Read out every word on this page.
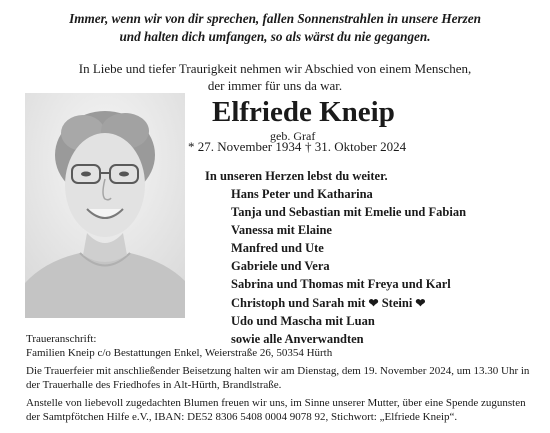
Immer, wenn wir von dir sprechen, fallen Sonnenstrahlen in unsere Herzen
und halten dich umfangen, so als wärst du nie gegangen.
In Liebe und tiefer Traurigkeit nehmen wir Abschied von einem Menschen,
der immer für uns da war.
Elfriede Kneip
geb. Graf
* 27. November 1934 † 31. Oktober 2024
In unseren Herzen lebst du weiter.
Hans Peter und Katharina
Tanja und Sebastian mit Emelie und Fabian
Vanessa mit Elaine
Manfred und Ute
Gabriele und Vera
Sabrina und Thomas mit Freya und Karl
Christoph und Sarah mit ❤ Steini ❤
Udo und Mascha mit Luan
sowie alle Anverwandten
Traueranschrift:
Familien Kneip c/o Bestattungen Enkel, Weierstraße 26, 50354 Hürth
Die Trauerfeier mit anschließender Beisetzung halten wir am Dienstag, dem 19. November 2024, um 13.30 Uhr in
der Trauerhalle des Friedhofes in Alt-Hürth, Brandlstraße.
Anstelle von liebevoll zugedachten Blumen freuen wir uns, im Sinne unserer Mutter, über eine Spende zugunsten
der Samtpfötchen Hilfe e.V., IBAN: DE52 8306 5408 0004 9078 92, Stichwort: „Elfriede Kneip“.
